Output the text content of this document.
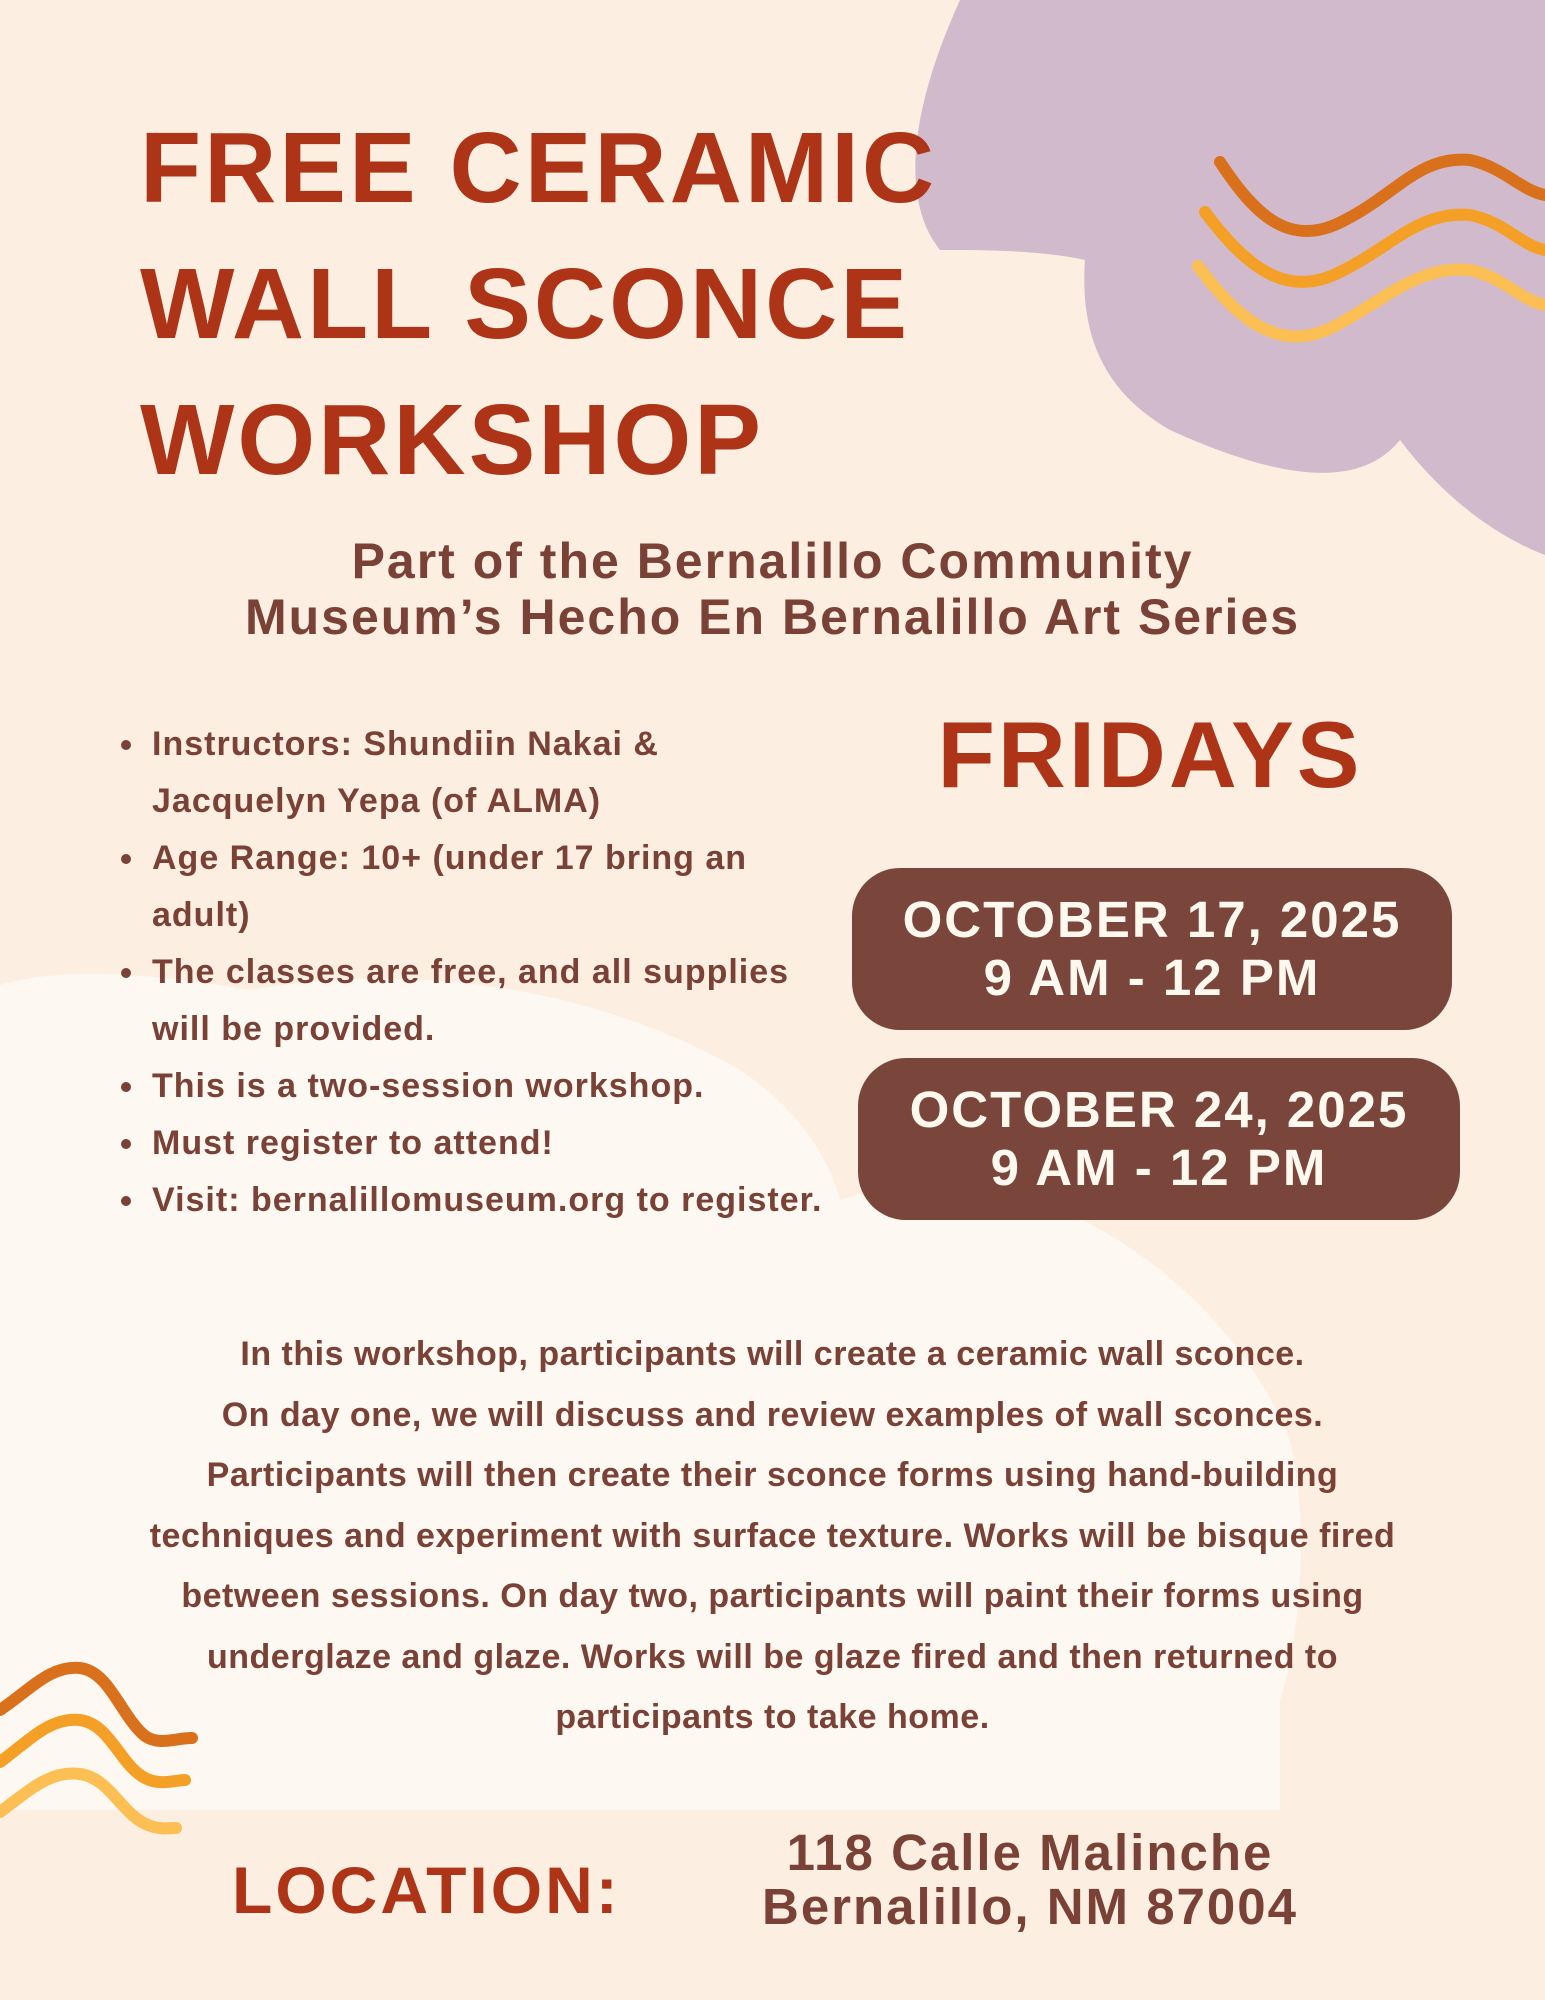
FREE CERAMIC
WALL SCONCE
WORKSHOP
Part of the Bernalillo Community
Museum’s Hecho En Bernalillo Art Series
• Instructors: Shundiin Nakai & Jacquelyn Yepa (of ALMA)
• Age Range: 10+ (under 17 bring an adult)
• The classes are free, and all supplies will be provided.
• This is a two-session workshop.
• Must register to attend!
• Visit: bernalillomuseum.org to register.
FRIDAYS
OCTOBER 17, 2025
9 AM - 12 PM
OCTOBER 24, 2025
9 AM - 12 PM
In this workshop, participants will create a ceramic wall sconce.
On day one, we will discuss and review examples of wall sconces.
Participants will then create their sconce forms using hand-building
techniques and experiment with surface texture. Works will be bisque fired
between sessions. On day two, participants will paint their forms using
underglaze and glaze. Works will be glaze fired and then returned to
participants to take home.
LOCATION:
118 Calle Malinche
Bernalillo, NM 87004
